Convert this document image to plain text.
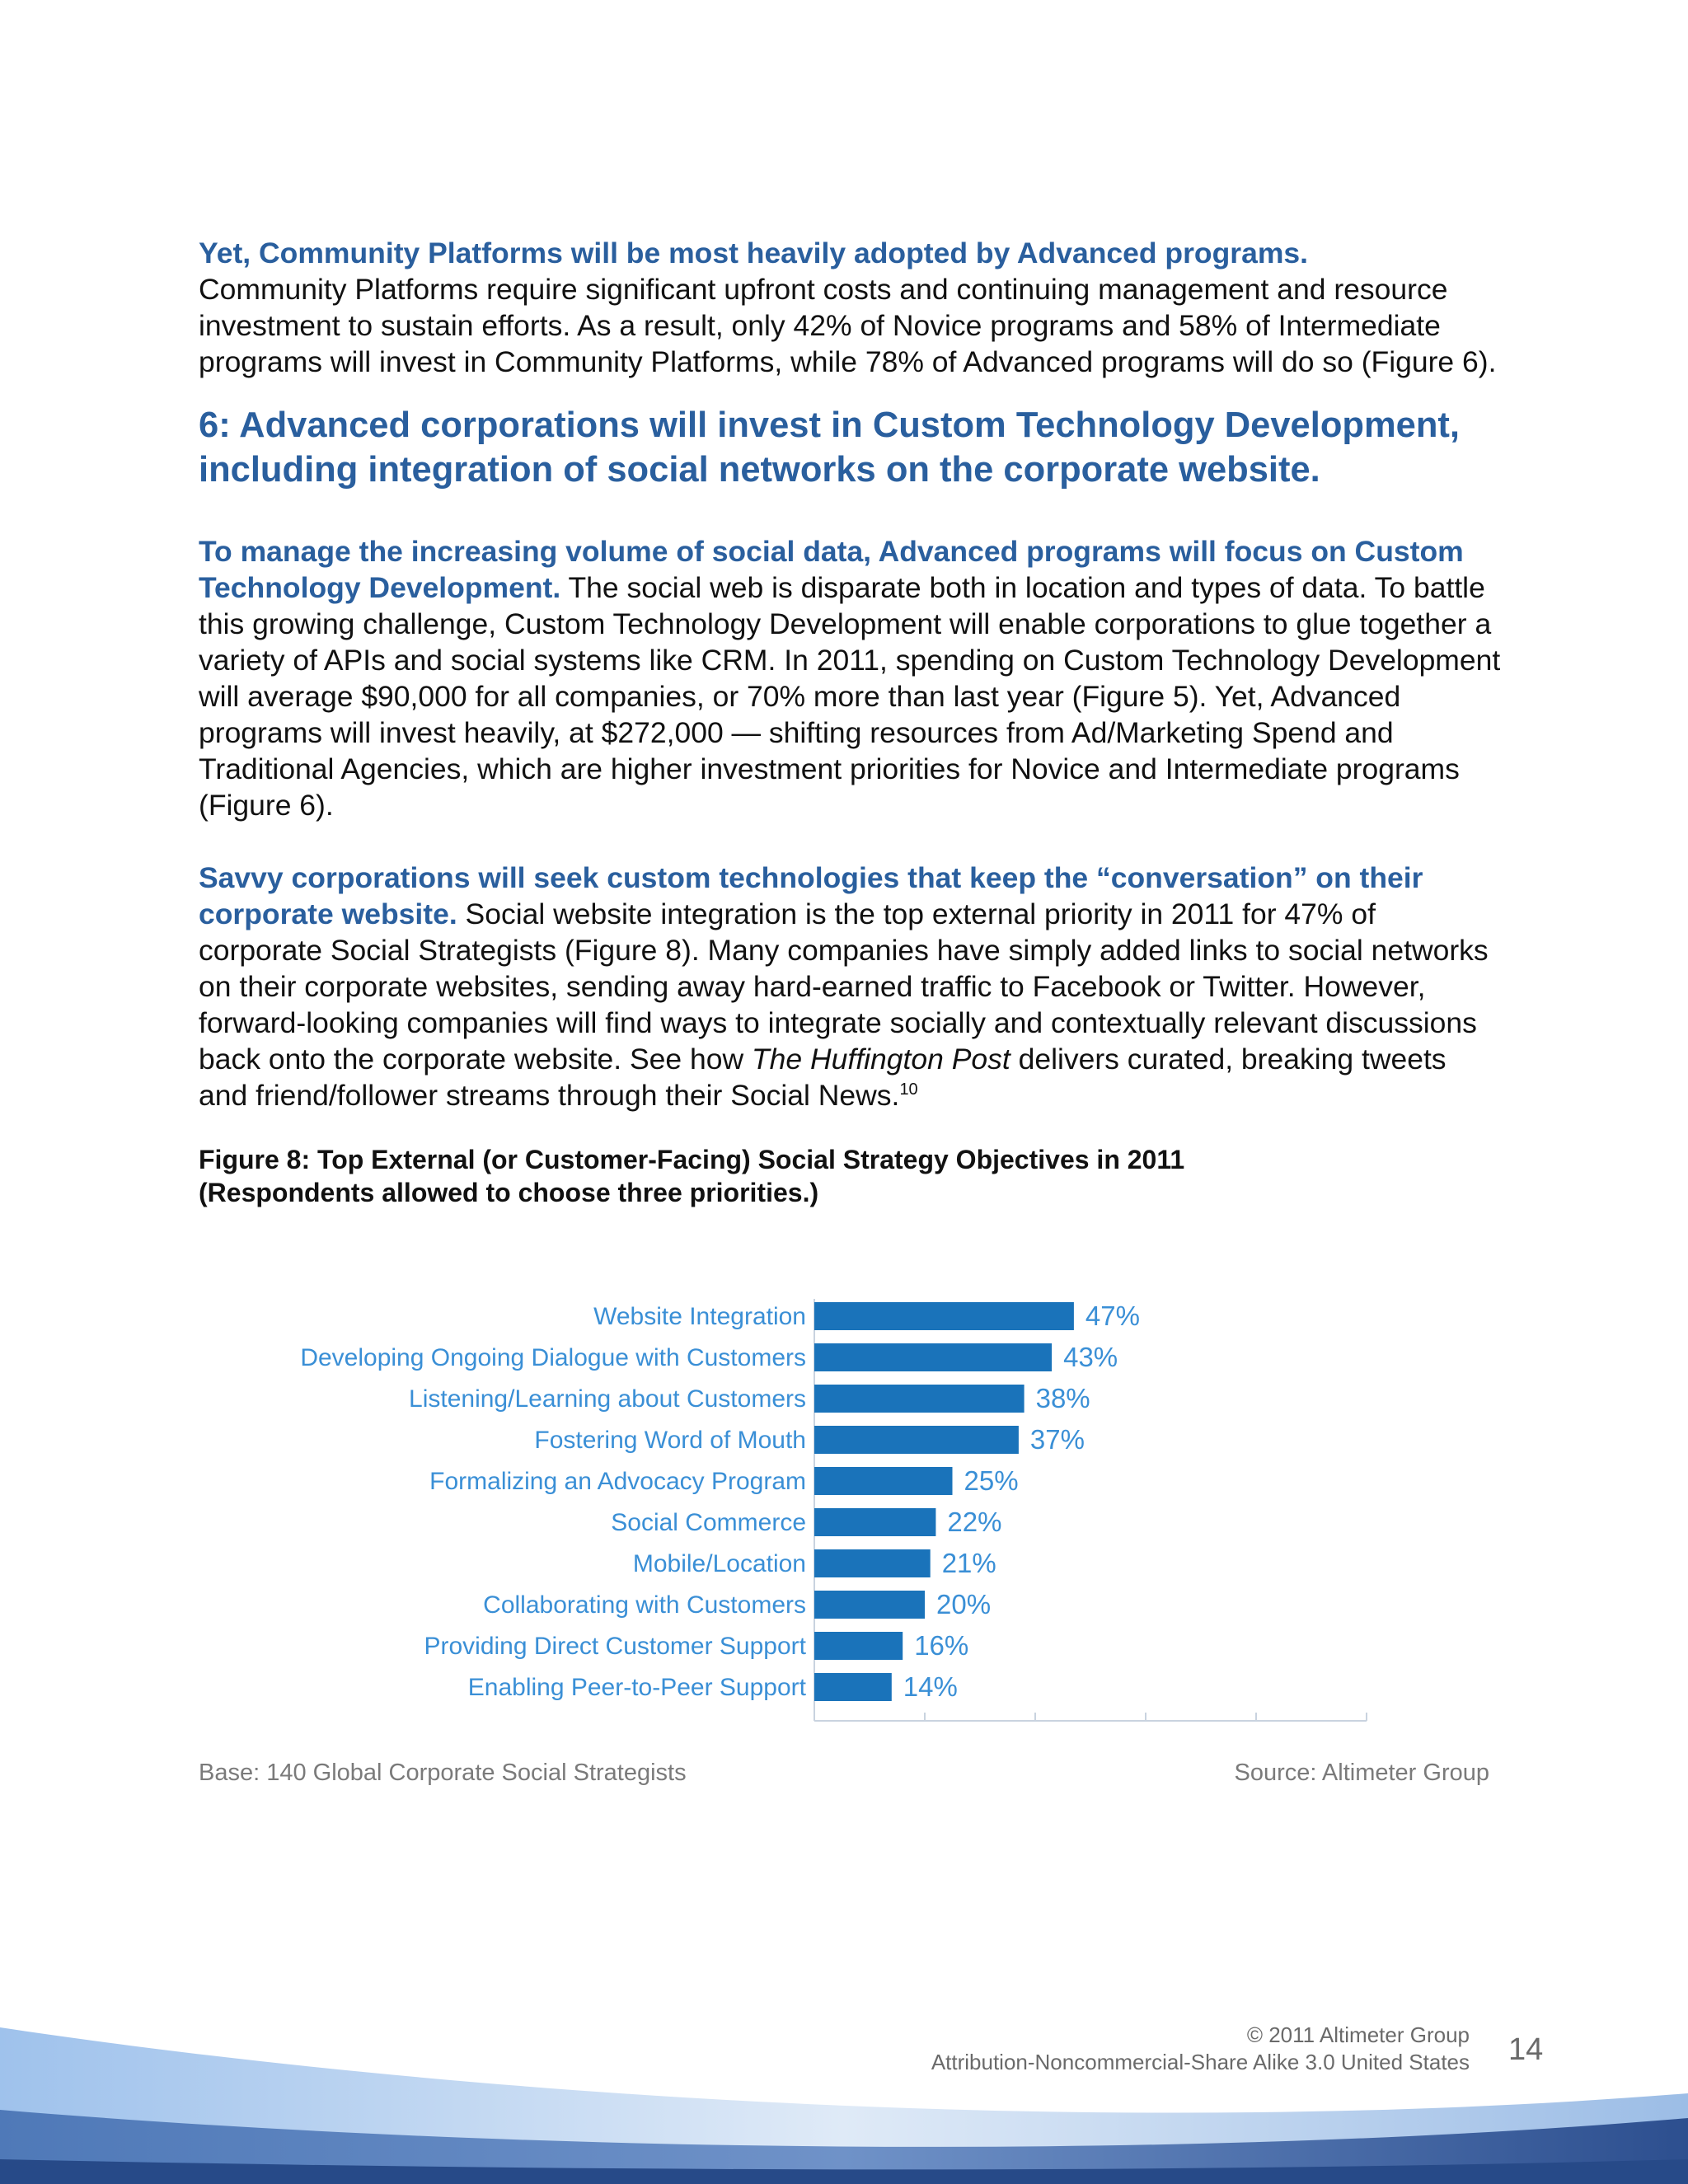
Yet, Community Platforms will be most heavily adopted by Advanced programs.
Community Platforms require significant upfront costs and continuing management and resource investment to sustain efforts. As a result, only 42% of Novice programs and 58% of Intermediate programs will invest in Community Platforms, while 78% of Advanced programs will do so (Figure 6).

6: Advanced corporations will invest in Custom Technology Development, including integration of social networks on the corporate website.

To manage the increasing volume of social data, Advanced programs will focus on Custom Technology Development. The social web is disparate both in location and types of data. To battle this growing challenge, Custom Technology Development will enable corporations to glue together a variety of APIs and social systems like CRM. In 2011, spending on Custom Technology Development will average $90,000 for all companies, or 70% more than last year (Figure 5). Yet, Advanced programs will invest heavily, at $272,000 — shifting resources from Ad/Marketing Spend and Traditional Agencies, which are higher investment priorities for Novice and Intermediate programs (Figure 6).

Savvy corporations will seek custom technologies that keep the “conversation” on their corporate website. Social website integration is the top external priority in 2011 for 47% of corporate Social Strategists (Figure 8). Many companies have simply added links to social networks on their corporate websites, sending away hard-earned traffic to Facebook or Twitter. However, forward-looking companies will find ways to integrate socially and contextually relevant discussions back onto the corporate website. See how The Huffington Post delivers curated, breaking tweets and friend/follower streams through their Social News.$^{10}$

Figure 8: Top External (or Customer-Facing) Social Strategy Objectives in 2011
(Respondents allowed to choose three priorities.)

Website Integration	47%
Developing Ongoing Dialogue with Customers	43%
Listening/Learning about Customers	38%
Fostering Word of Mouth	37%
Formalizing an Advocacy Program	25%
Social Commerce	22%
Mobile/Location	21%
Collaborating with Customers	20%
Providing Direct Customer Support	16%
Enabling Peer-to-Peer Support	14%
Base: 140 Global Corporate Social Strategists	Source: Altimeter Group
© 2011 Altimeter Group
Attribution-Noncommercial-Share Alike 3.0 United States 14
